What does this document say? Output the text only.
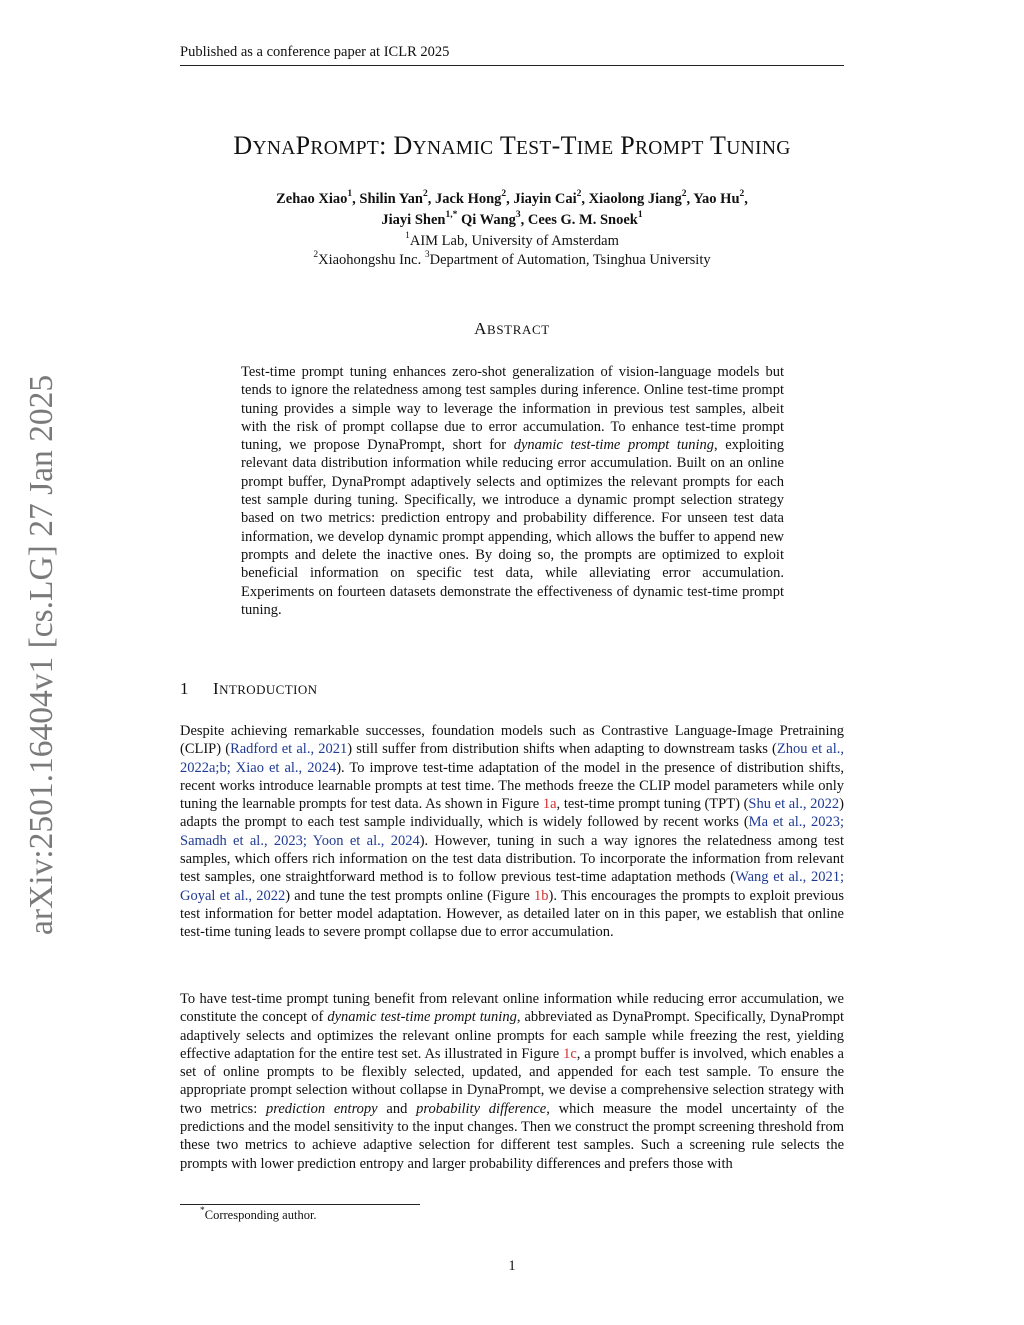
Published as a conference paper at ICLR 2025
arXiv:2501.16404v1 [cs.LG] 27 Jan 2025
DYNAPROMPT: DYNAMIC TEST-TIME PROMPT TUNING
Zehao Xiao$^1$, Shilin Yan$^2$, Jack Hong$^2$, Jiayin Cai$^2$, Xiaolong Jiang$^2$, Yao Hu$^2$,
Jiayi Shen$^{1,*}$ Qi Wang$^3$, Cees G. M. Snoek$^1$
$^1$AIM Lab, University of Amsterdam
$^2$Xiaohongshu Inc. $^3$Department of Automation, Tsinghua University
ABSTRACT
Test-time prompt tuning enhances zero-shot generalization of vision-language models but tends to ignore the relatedness among test samples during inference. Online test-time prompt tuning provides a simple way to leverage the information in previous test samples, albeit with the risk of prompt collapse due to error accumulation. To enhance test-time prompt tuning, we propose DynaPrompt, short for dynamic test-time prompt tuning, exploiting relevant data distribution information while reducing error accumulation. Built on an online prompt buffer, DynaPrompt adaptively selects and optimizes the relevant prompts for each test sample during tuning. Specifically, we introduce a dynamic prompt selection strategy based on two metrics: prediction entropy and probability difference. For unseen test data information, we develop dynamic prompt appending, which allows the buffer to append new prompts and delete the inactive ones. By doing so, the prompts are optimized to exploit beneficial information on specific test data, while alleviating error accumulation. Experiments on fourteen datasets demonstrate the effectiveness of dynamic test-time prompt tuning.
1 INTRODUCTION
Despite achieving remarkable successes, foundation models such as Contrastive Language-Image Pretraining (CLIP) (Radford et al., 2021) still suffer from distribution shifts when adapting to downstream tasks (Zhou et al., 2022a;b; Xiao et al., 2024). To improve test-time adaptation of the model in the presence of distribution shifts, recent works introduce learnable prompts at test time. The methods freeze the CLIP model parameters while only tuning the learnable prompts for test data. As shown in Figure 1a, test-time prompt tuning (TPT) (Shu et al., 2022) adapts the prompt to each test sample individually, which is widely followed by recent works (Ma et al., 2023; Samadh et al., 2023; Yoon et al., 2024). However, tuning in such a way ignores the relatedness among test samples, which offers rich information on the test data distribution. To incorporate the information from relevant test samples, one straightforward method is to follow previous test-time adaptation methods (Wang et al., 2021; Goyal et al., 2022) and tune the test prompts online (Figure 1b). This encourages the prompts to exploit previous test information for better model adaptation. However, as detailed later on in this paper, we establish that online test-time tuning leads to severe prompt collapse due to error accumulation.
To have test-time prompt tuning benefit from relevant online information while reducing error accumulation, we constitute the concept of dynamic test-time prompt tuning, abbreviated as DynaPrompt. Specifically, DynaPrompt adaptively selects and optimizes the relevant online prompts for each sample while freezing the rest, yielding effective adaptation for the entire test set. As illustrated in Figure 1c, a prompt buffer is involved, which enables a set of online prompts to be flexibly selected, updated, and appended for each test sample. To ensure the appropriate prompt selection without collapse in DynaPrompt, we devise a comprehensive selection strategy with two metrics: prediction entropy and probability difference, which measure the model uncertainty of the predictions and the model sensitivity to the input changes. Then we construct the prompt screening threshold from these two metrics to achieve adaptive selection for different test samples. Such a screening rule selects the prompts with lower prediction entropy and larger probability differences and prefers those with
*Corresponding author.
1
